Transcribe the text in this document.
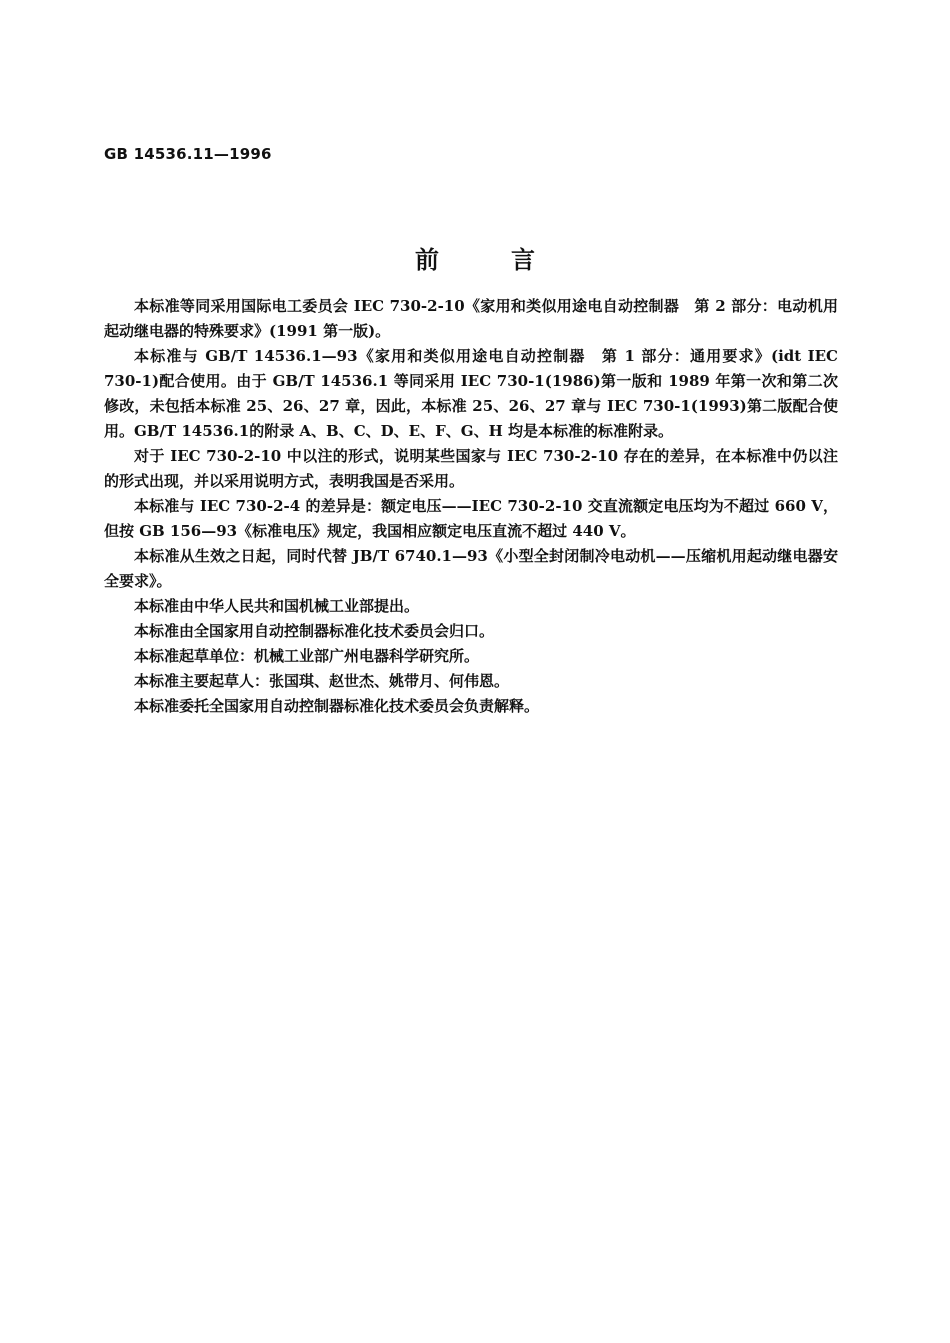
GB 14536.11—1996
前	言

本标准等同采用国际电工委员会 IEC 730-2-10《家用和类似用途电自动控制器　第 2 部分：电动机用起动继电器的特殊要求》(1991 第一版)。

本标准与 GB/T 14536.1—93《家用和类似用途电自动控制器　第 1 部分：通用要求》(idt IEC 730-1)配合使用。由于 GB/T 14536.1 等同采用 IEC 730-1(1986)第一版和 1989 年第一次和第二次修改，未包括本标准 25、26、27 章，因此，本标准 25、26、27 章与 IEC 730-1(1993)第二版配合使用。GB/T 14536.1的附录 A、B、C、D、E、F、G、H 均是本标准的标准附录。

对于 IEC 730-2-10 中以注的形式，说明某些国家与 IEC 730-2-10 存在的差异，在本标准中仍以注的形式出现，并以采用说明方式，表明我国是否采用。

本标准与 IEC 730-2-4 的差异是：额定电压——IEC 730-2-10 交直流额定电压均为不超过 660 V，但按 GB 156—93《标准电压》规定，我国相应额定电压直流不超过 440 V。

本标准从生效之日起，同时代替 JB/T 6740.1—93《小型全封闭制冷电动机——压缩机用起动继电器安全要求》。

本标准由中华人民共和国机械工业部提出。

本标准由全国家用自动控制器标准化技术委员会归口。

本标准起草单位：机械工业部广州电器科学研究所。

本标准主要起草人：张国琪、赵世杰、姚带月、何伟恩。

本标准委托全国家用自动控制器标准化技术委员会负责解释。
